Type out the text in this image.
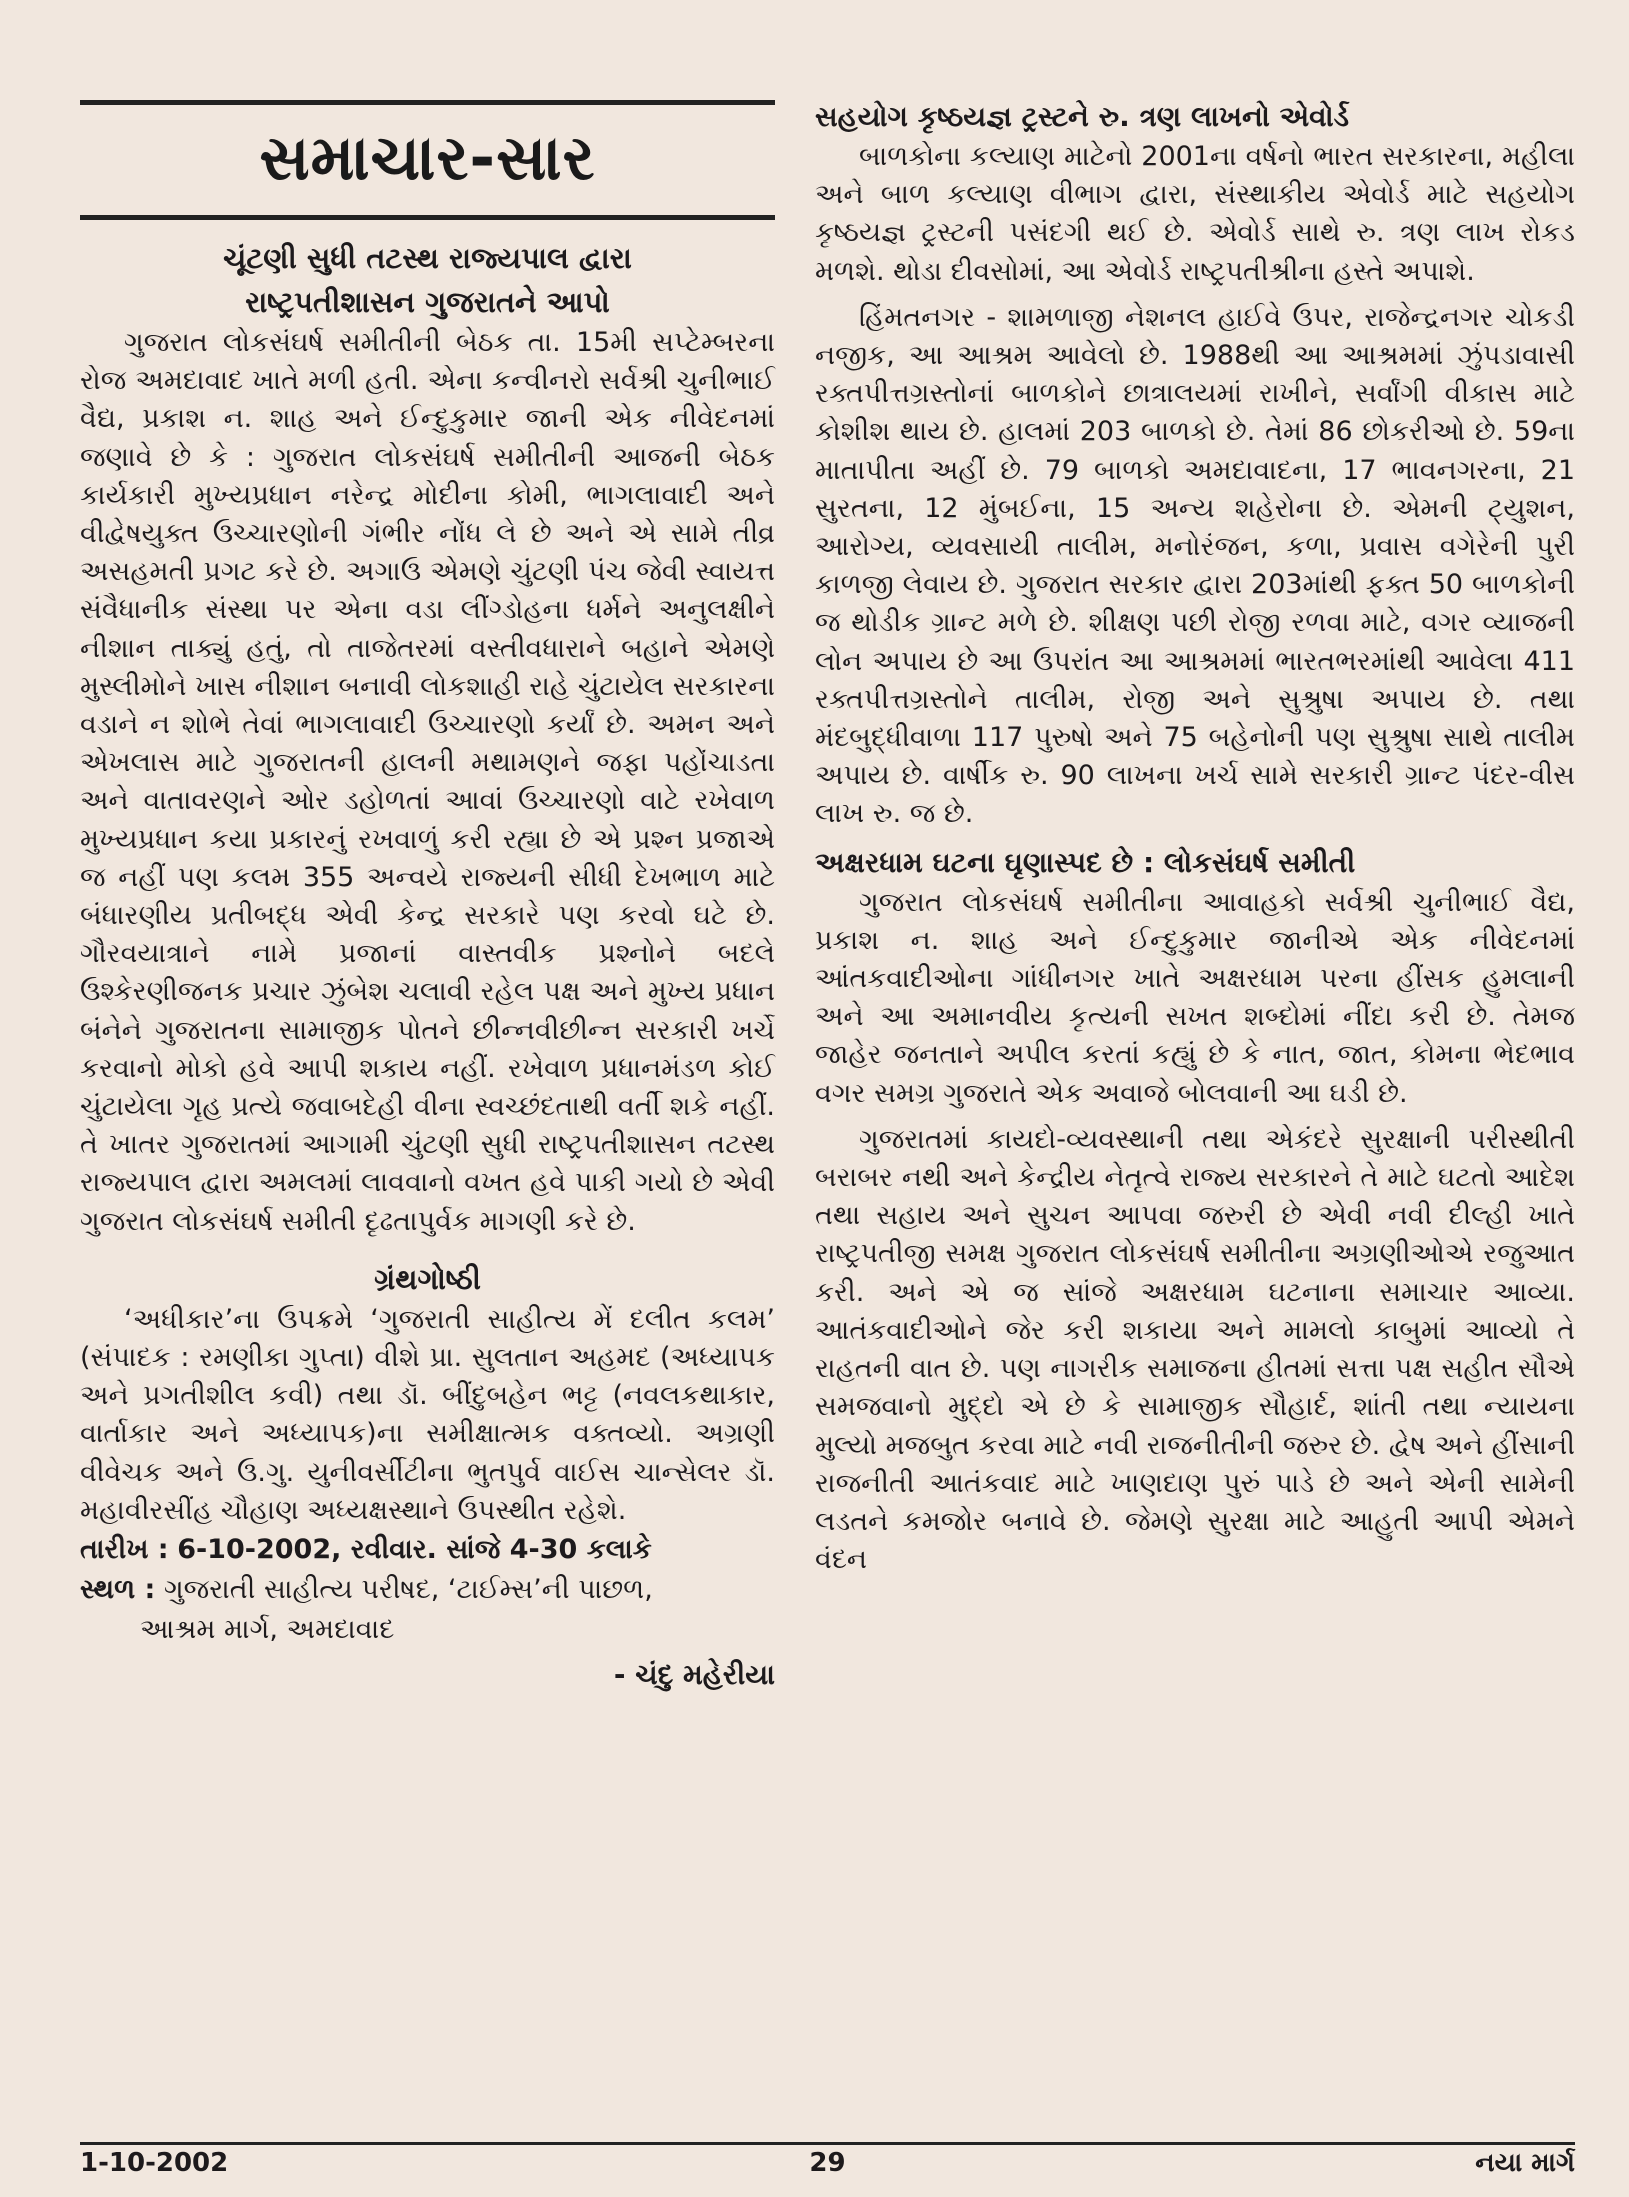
સમાચાર-સાર
ચૂંટણી સુધી તટસ્થ રાજ્યપાલ દ્વારા
રાષ્ટ્રપતીશાસન ગુજરાતને આપો

ગુજરાત લોકસંઘર્ષ સમીતીની બેઠક તા. 15મી સપ્ટેમ્બરના રોજ અમદાવાદ ખાતે મળી હતી. એના કન્વીનરો સર્વશ્રી ચુનીભાઈ વૈદ્ય, પ્રકાશ ન. શાહ અને ઈન્દુકુમાર જાની એક નીવેદનમાં જણાવે છે કે : ગુજરાત લોકસંઘર્ષ સમીતીની આજની બેઠક કાર્યકારી મુખ્યપ્રધાન નરેન્દ્ર મોદીના કોમી, ભાગલાવાદી અને વીદ્વેષયુક્ત ઉચ્ચારણોની ગંભીર નોંધ લે છે અને એ સામે તીવ્ર અસહમતી પ્રગટ કરે છે. અગાઉ એમણે ચુંટણી પંચ જેવી સ્વાયત્ત સંવૈધાનીક સંસ્થા પર એના વડા લીંગ્ડોહના ધર્મને અનુલક્ષીને નીશાન તાક્યું હતું, તો તાજેતરમાં વસ્તીવધારાને બહાને એમણે મુસ્લીમોને ખાસ નીશાન બનાવી લોકશાહી રાહે ચુંટાયેલ સરકારના વડાને ન શોભે તેવાં ભાગલાવાદી ઉચ્ચારણો કર્યાં છે. અમન અને એખલાસ માટે ગુજરાતની હાલની મથામણને જફા પહોંચાડતા અને વાતાવરણને ઓર ડહોળતાં આવાં ઉચ્ચારણો વાટે રખેવાળ મુખ્યપ્રધાન કયા પ્રકારનું રખવાળું કરી રહ્યા છે એ પ્રશ્ન પ્રજાએ જ નહીં પણ કલમ 355 અન્વયે રાજ્યની સીધી દેખભાળ માટે બંધારણીય પ્રતીબદ્ધ એવી કેન્દ્ર સરકારે પણ કરવો ઘટે છે. ગૌરવયાત્રાને નામે પ્રજાનાં વાસ્તવીક પ્રશ્નોને બદલે ઉશ્કેરણીજનક પ્રચાર ઝુંબેશ ચલાવી રહેલ પક્ષ અને મુખ્ય પ્રધાન બંનેને ગુજરાતના સામાજીક પોતને છીન્નવીછીન્ન સરકારી ખર્ચે કરવાનો મોકો હવે આપી શકાય નહીં. રખેવાળ પ્રધાનમંડળ કોઈ ચુંટાયેલા ગૃહ પ્રત્યે જવાબદેહી વીના સ્વચ્છંદતાથી વર્તી શકે નહીં. તે ખાતર ગુજરાતમાં આગામી ચુંટણી સુધી રાષ્ટ્રપતીશાસન તટસ્થ રાજ્યપાલ દ્વારા અમલમાં લાવવાનો વખત હવે પાકી ગયો છે એવી ગુજરાત લોકસંઘર્ષ સમીતી દૃઢતાપુર્વક માગણી કરે છે.

ગ્રંથગોષ્ઠી

‘અધીકાર’ના ઉપક્રમે ‘ગુજરાતી સાહીત્ય મેં દલીત કલમ’ (સંપાદક : રમણીકા ગુપ્તા) વીશે પ્રા. સુલતાન અહમદ (અધ્યાપક અને પ્રગતીશીલ કવી) તથા ડૉ. બીંદુબહેન ભટ્ટ (નવલકથાકાર, વાર્તાકાર અને અધ્યાપક)ના સમીક્ષાત્મક વક્તવ્યો. અગ્રણી વીવેચક અને ઉ.ગુ. યુનીવર્સીટીના ભુતપુર્વ વાઈસ ચાન્સેલર ડૉ. મહાવીરસીંહ ચૌહાણ અધ્યક્ષસ્થાને ઉપસ્થીત રહેશે.

તારીખ : 6-10-2002, રવીવાર. સાંજે 4-30 કલાકે
સ્થળ : ગુજરાતી સાહીત્ય પરીષદ, ‘ટાઈમ્સ’ની પાછળ,
આશ્રમ માર્ગ, અમદાવાદ
- ચંદુ મહેરીયા
સહયોગ કૃષ્ઠયજ્ઞ ટ્રસ્ટને રુ. ત્રણ લાખનો એવોર્ડ

બાળકોના કલ્યાણ માટેનો 2001ના વર્ષનો ભારત સરકારના, મહીલા અને બાળ કલ્યાણ વીભાગ દ્વારા, સંસ્થાકીય એવોર્ડ માટે સહયોગ કૃષ્ઠયજ્ઞ ટ્રસ્ટની પસંદગી થઈ છે. એવોર્ડ સાથે રુ. ત્રણ લાખ રોકડ મળશે. થોડા દીવસોમાં, આ એવોર્ડ રાષ્ટ્રપતીશ્રીના હસ્તે અપાશે.

હિંમતનગર - શામળાજી નેશનલ હાઈવે ઉપર, રાજેન્દ્રનગર ચોકડી નજીક, આ આશ્રમ આવેલો છે. 1988થી આ આશ્રમમાં ઝુંપડાવાસી રક્તપીત્તગ્રસ્તોનાં બાળકોને છાત્રાલયમાં રાખીને, સર્વાંગી વીકાસ માટે કોશીશ થાય છે. હાલમાં 203 બાળકો છે. તેમાં 86 છોકરીઓ છે. 59ના માતાપીતા અહીં છે. 79 બાળકો અમદાવાદના, 17 ભાવનગરના, 21 સુરતના, 12 મુંબઈના, 15 અન્ય શહેરોના છે. એમની ટ્યુશન, આરોગ્ય, વ્યવસાયી તાલીમ, મનોરંજન, કળા, પ્રવાસ વગેરેની પુરી કાળજી લેવાય છે. ગુજરાત સરકાર દ્વારા 203માંથી ફક્ત 50 બાળકોની જ થોડીક ગ્રાન્ટ મળે છે. શીક્ષણ પછી રોજી રળવા માટે, વગર વ્યાજની લોન અપાય છે આ ઉપરાંત આ આશ્રમમાં ભારતભરમાંથી આવેલા 411 રક્તપીત્તગ્રસ્તોને તાલીમ, રોજી અને સુશ્રુષા અપાય છે. તથા મંદબુદ્ધીવાળા 117 પુરુષો અને 75 બહેનોની પણ સુશ્રુષા સાથે તાલીમ અપાય છે. વાર્ષીક રુ. 90 લાખના ખર્ચ સામે સરકારી ગ્રાન્ટ પંદર-વીસ લાખ રુ. જ છે.

અક્ષરધામ ઘટના ઘૃણાસ્પદ છે : લોકસંઘર્ષ સમીતી

ગુજરાત લોકસંઘર્ષ સમીતીના આવાહકો સર્વશ્રી ચુનીભાઈ વૈદ્ય, પ્રકાશ ન. શાહ અને ઈન્દુકુમાર જાનીએ એક નીવેદનમાં આંતકવાદીઓના ગાંધીનગર ખાતે અક્ષરધામ પરના હીંસક હુમલાની અને આ અમાનવીય કૃત્યની સખત શબ્દોમાં નીંદા કરી છે. તેમજ જાહેર જનતાને અપીલ કરતાં કહ્યું છે કે નાત, જાત, કોમના ભેદભાવ વગર સમગ્ર ગુજરાતે એક અવાજે બોલવાની આ ઘડી છે.

ગુજરાતમાં કાયદો-વ્યવસ્થાની તથા એકંદરે સુરક્ષાની પરીસ્થીતી બરાબર નથી અને કેન્દ્રીય નેતૃત્વે રાજ્ય સરકારને તે માટે ઘટતો આદેશ તથા સહાય અને સુચન આપવા જરુરી છે એવી નવી દીલ્હી ખાતે રાષ્ટ્રપતીજી સમક્ષ ગુજરાત લોકસંઘર્ષ સમીતીના અગ્રણીઓએ રજુઆત કરી. અને એ જ સાંજે અક્ષરધામ ઘટનાના સમાચાર આવ્યા. આતંકવાદીઓને જેર કરી શકાયા અને મામલો કાબુમાં આવ્યો તે રાહતની વાત છે. પણ નાગરીક સમાજના હીતમાં સત્તા પક્ષ સહીત સૌએ સમજવાનો મુદ્દો એ છે કે સામાજીક સૌહાર્દ, શાંતી તથા ન્યાયના મુલ્યો મજબુત કરવા માટે નવી રાજનીતીની જરુર છે. દ્વેષ અને હીંસાની રાજનીતી આતંકવાદ માટે ખાણદાણ પુરું પાડે છે અને એની સામેની લડતને કમજોર બનાવે છે. જેમણે સુરક્ષા માટે આહુતી આપી એમને વંદન

1-10-2002	29	નયા માર્ગ
